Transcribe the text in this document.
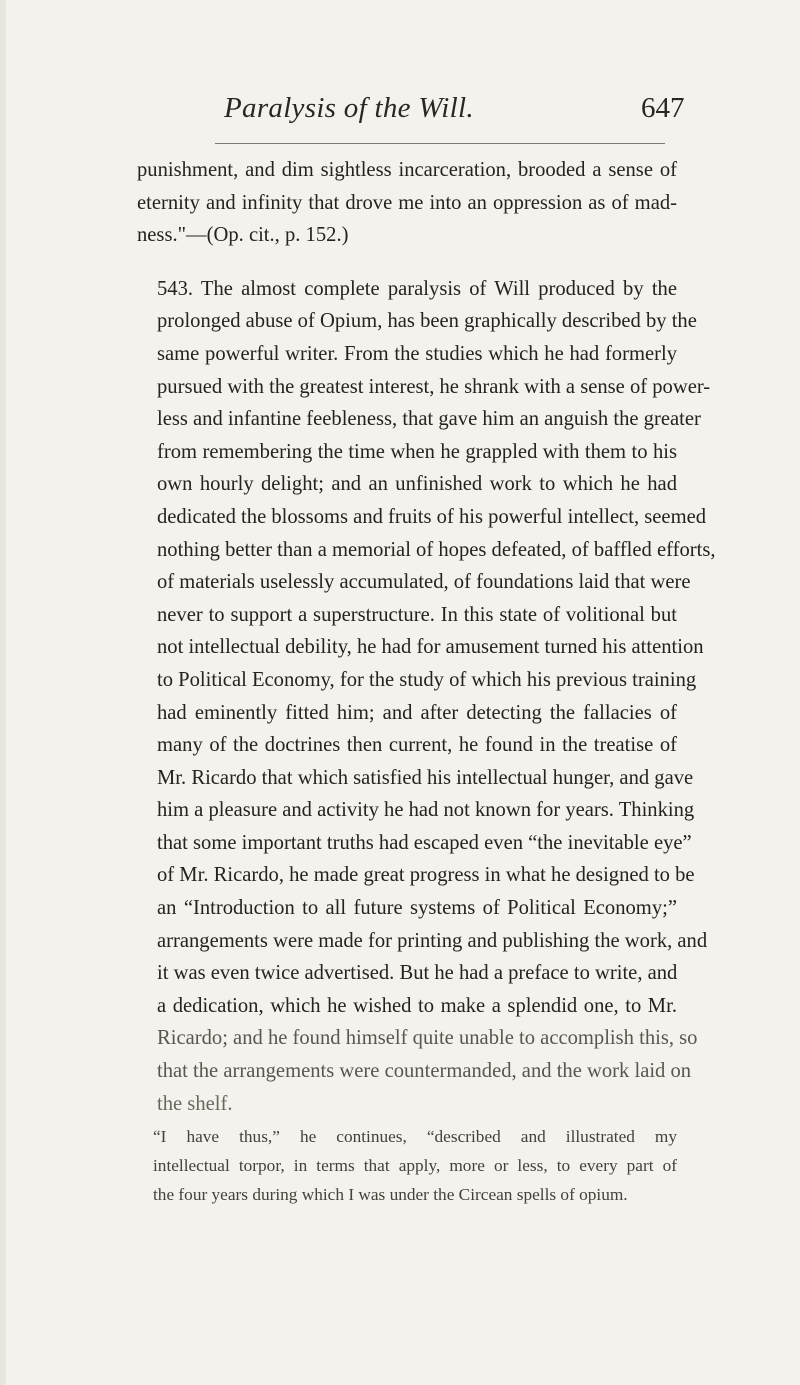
Paralysis of the Will.	647

punishment, and dim sightless incarceration, brooded a sense of
eternity and infinity that drove me into an oppression as of mad-
ness."—(Op. cit., p. 152.)

543. The almost complete paralysis of Will produced by the
prolonged abuse of Opium, has been graphically described by the
same powerful writer. From the studies which he had formerly
pursued with the greatest interest, he shrank with a sense of power-
less and infantine feebleness, that gave him an anguish the greater
from remembering the time when he grappled with them to his
own hourly delight; and an unfinished work to which he had
dedicated the blossoms and fruits of his powerful intellect, seemed
nothing better than a memorial of hopes defeated, of baffled efforts,
of materials uselessly accumulated, of foundations laid that were
never to support a superstructure. In this state of volitional but
not intellectual debility, he had for amusement turned his attention
to Political Economy, for the study of which his previous training
had eminently fitted him; and after detecting the fallacies of
many of the doctrines then current, he found in the treatise of
Mr. Ricardo that which satisfied his intellectual hunger, and gave
him a pleasure and activity he had not known for years. Thinking
that some important truths had escaped even “the inevitable eye”
of Mr. Ricardo, he made great progress in what he designed to be
an “Introduction to all future systems of Political Economy;”
arrangements were made for printing and publishing the work, and
it was even twice advertised. But he had a preface to write, and
a dedication, which he wished to make a splendid one, to Mr.
Ricardo; and he found himself quite unable to accomplish this, so
that the arrangements were countermanded, and the work laid on
the shelf.

“I have thus,” he continues, “described and illustrated my
intellectual torpor, in terms that apply, more or less, to every part of
the four years during which I was under the Circean spells of opium.
